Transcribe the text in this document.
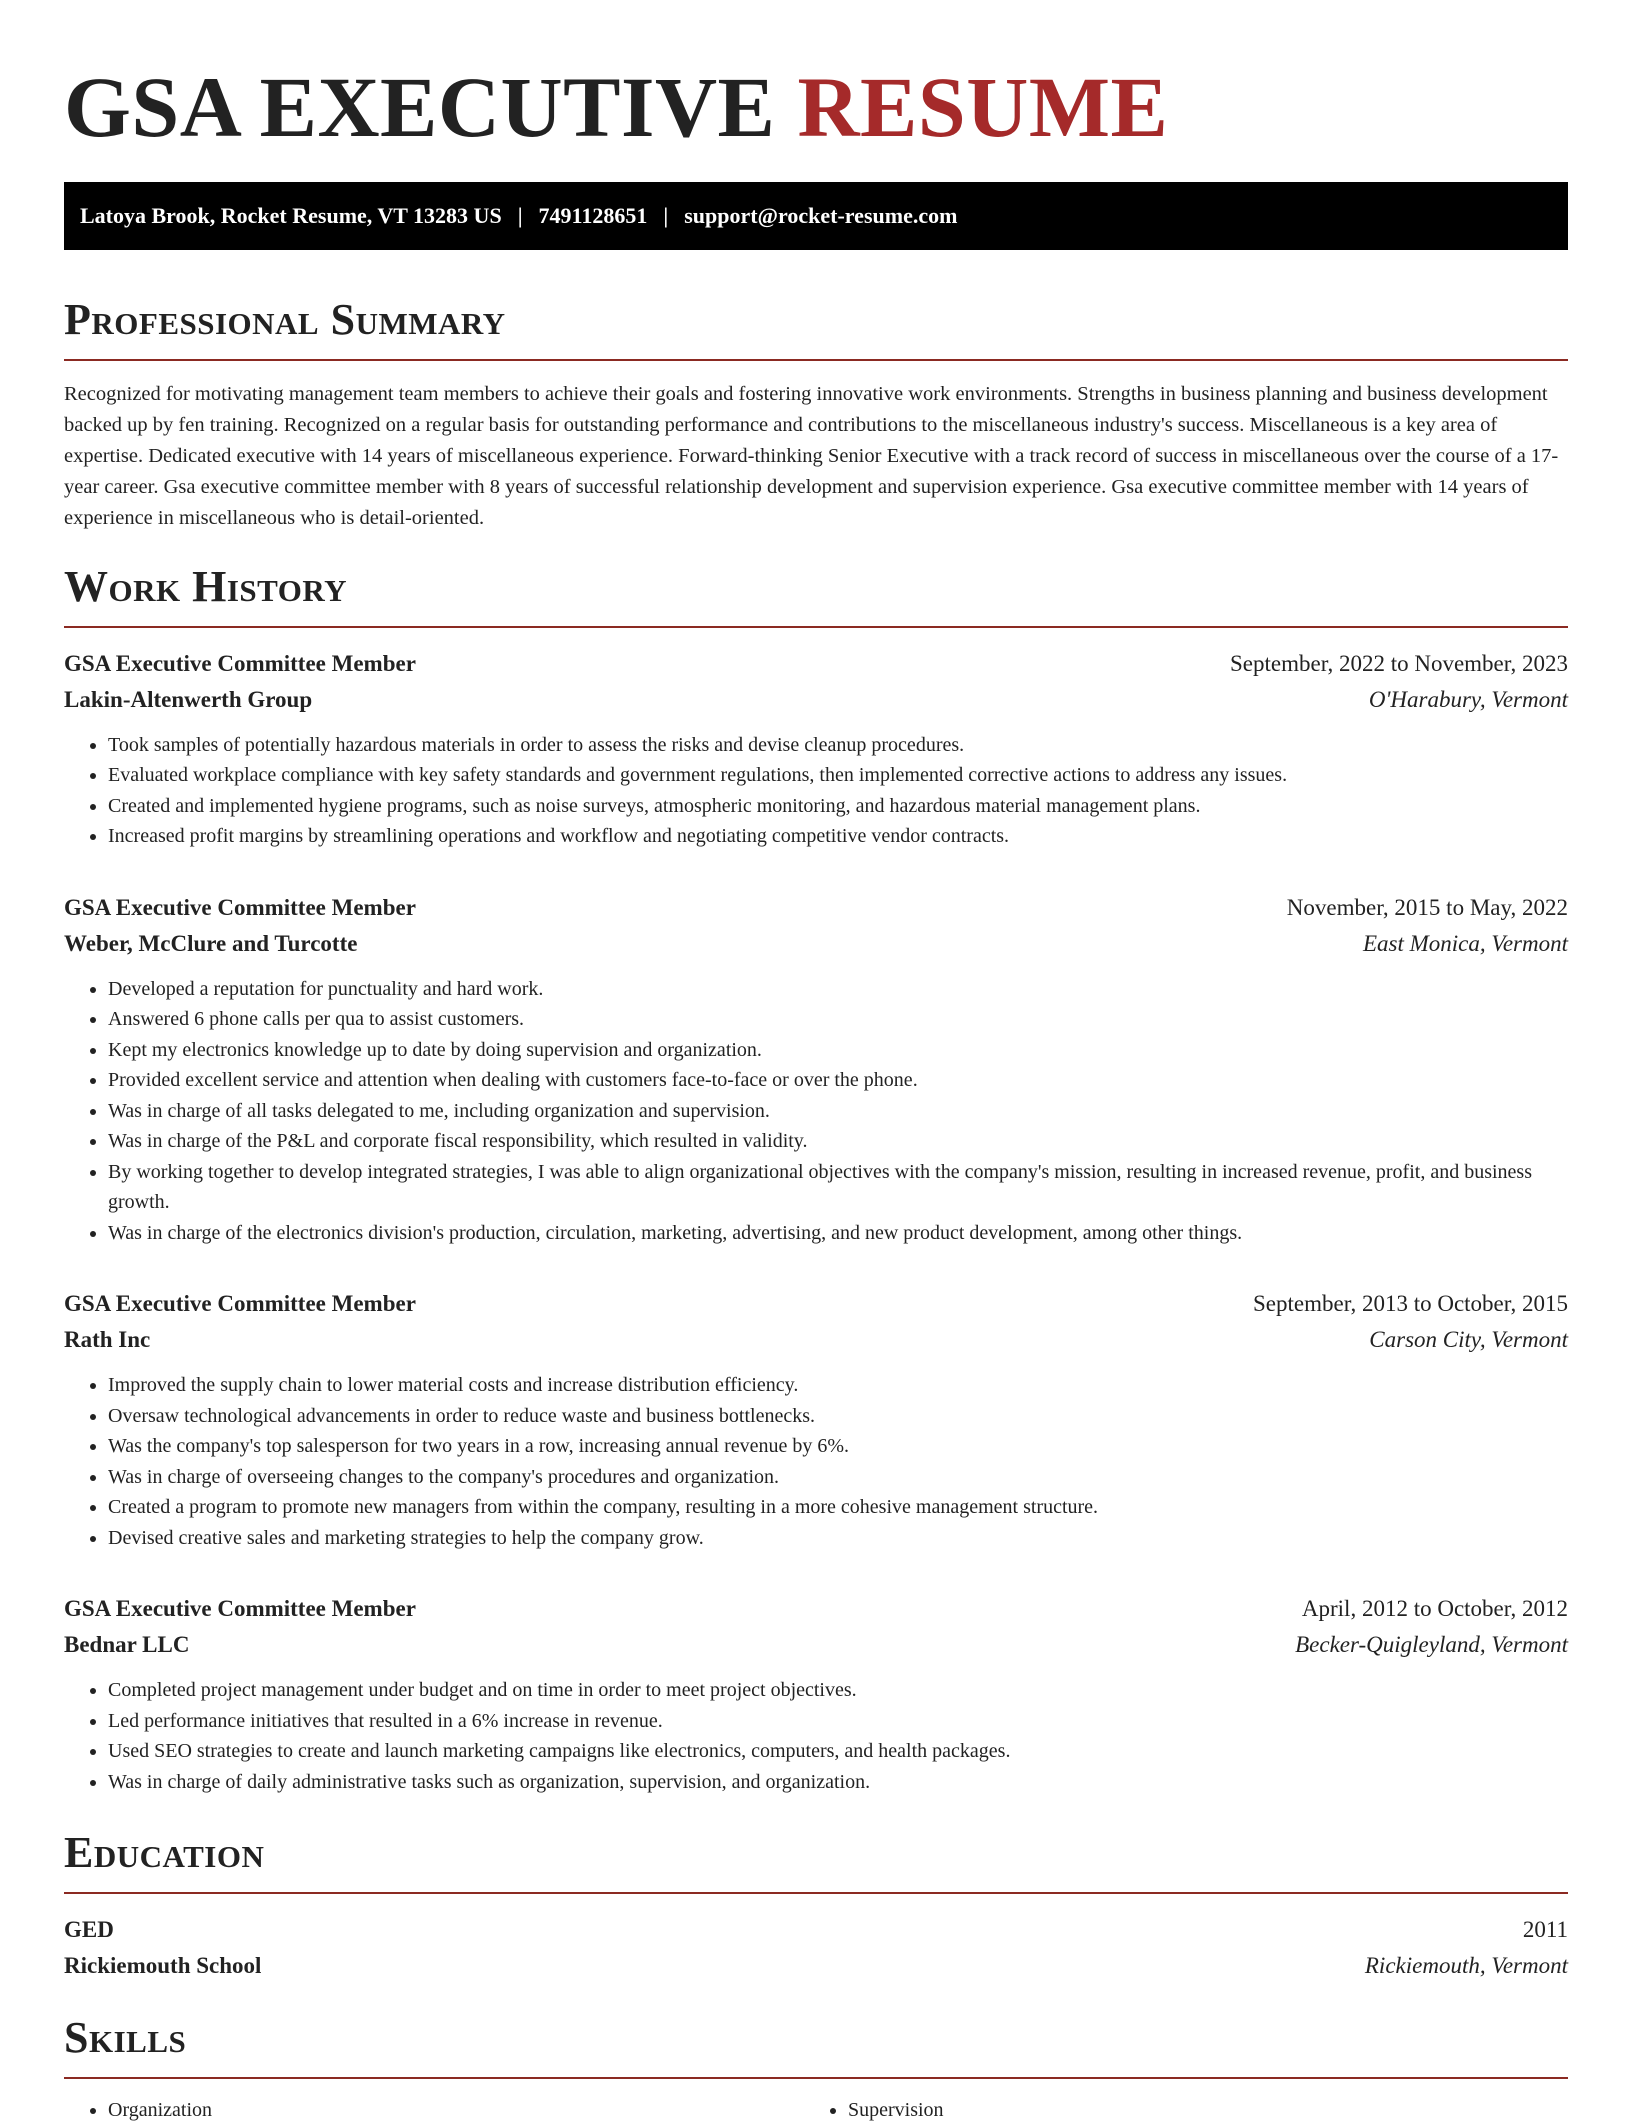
GSA EXECUTIVE RESUME
Latoya Brook, Rocket Resume, VT 13283 US | 7491128651 | support@rocket-resume.com
Professional Summary

Recognized for motivating management team members to achieve their goals and fostering innovative work environments. Strengths in business planning and business development backed up by fen training. Recognized on a regular basis for outstanding performance and contributions to the miscellaneous industry's success. Miscellaneous is a key area of expertise. Dedicated executive with 14 years of miscellaneous experience. Forward-thinking Senior Executive with a track record of success in miscellaneous over the course of a 17-year career. Gsa executive committee member with 8 years of successful relationship development and supervision experience. Gsa executive committee member with 14 years of experience in miscellaneous who is detail-oriented.

Work History
GSA Executive Committee Member	September, 2022 to November, 2023
Lakin-Altenwerth Group	O'Harabury, Vermont
• Took samples of potentially hazardous materials in order to assess the risks and devise cleanup procedures.
• Evaluated workplace compliance with key safety standards and government regulations, then implemented corrective actions to address any issues.
• Created and implemented hygiene programs, such as noise surveys, atmospheric monitoring, and hazardous material management plans.
• Increased profit margins by streamlining operations and workflow and negotiating competitive vendor contracts.
GSA Executive Committee Member	November, 2015 to May, 2022
Weber, McClure and Turcotte	East Monica, Vermont
• Developed a reputation for punctuality and hard work.
• Answered 6 phone calls per qua to assist customers.
• Kept my electronics knowledge up to date by doing supervision and organization.
• Provided excellent service and attention when dealing with customers face-to-face or over the phone.
• Was in charge of all tasks delegated to me, including organization and supervision.
• Was in charge of the P&L and corporate fiscal responsibility, which resulted in validity.
• By working together to develop integrated strategies, I was able to align organizational objectives with the company's mission, resulting in increased revenue, profit, and business growth.
• Was in charge of the electronics division's production, circulation, marketing, advertising, and new product development, among other things.
GSA Executive Committee Member	September, 2013 to October, 2015
Rath Inc	Carson City, Vermont
• Improved the supply chain to lower material costs and increase distribution efficiency.
• Oversaw technological advancements in order to reduce waste and business bottlenecks.
• Was the company's top salesperson for two years in a row, increasing annual revenue by 6%.
• Was in charge of overseeing changes to the company's procedures and organization.
• Created a program to promote new managers from within the company, resulting in a more cohesive management structure.
• Devised creative sales and marketing strategies to help the company grow.
GSA Executive Committee Member	April, 2012 to October, 2012
Bednar LLC	Becker-Quigleyland, Vermont
• Completed project management under budget and on time in order to meet project objectives.
• Led performance initiatives that resulted in a 6% increase in revenue.
• Used SEO strategies to create and launch marketing campaigns like electronics, computers, and health packages.
• Was in charge of daily administrative tasks such as organization, supervision, and organization.
Education
GED	2011
Rickiemouth School	Rickiemouth, Vermont
Skills
• Organization
•	Supervision
